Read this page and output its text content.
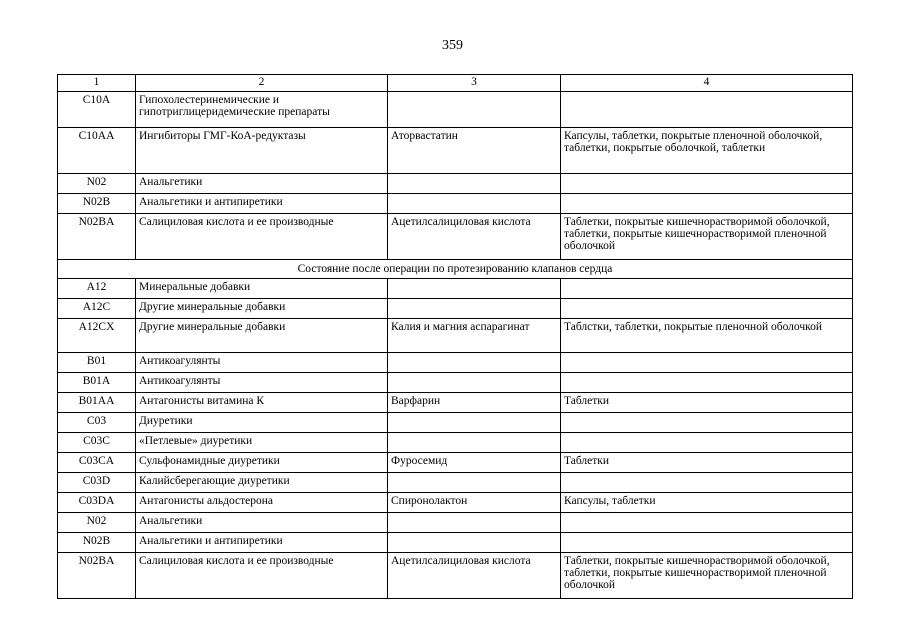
359
1	2	3	4
C10A	Гипохолестеринемические и гипотриглицеридемические препараты		
C10AA	Ингибиторы ГМГ-КоА-редуктазы	Аторвастатин	Капсулы, таблетки, покрытые пленочной оболочкой, таблетки, покрытые оболочкой, таблетки
N02	Анальгетики		
N02B	Анальгетики и антипиретики		
N02BA	Салициловая кислота и ее производные	Ацетилсалициловая кислота	Таблетки, покрытые кишечнорастворимой оболочкой, таблетки, покрытые кишечнорастворимой пленочной оболочкой
Состояние после операции по протезированию клапанов сердца			
A12	Минеральные добавки		
A12C	Другие минеральные добавки		
A12CX	Другие минеральные добавки	Калия и магния аспарагинат	Таблстки, таблетки, покрытые пленочной оболочкой
B01	Антикоагулянты		
B01A	Антикоагулянты		
B01AA	Антагонисты витамина К	Варфарин	Таблетки
C03	Диуретики		
C03C	«Петлевые» диуретики		
C03CA	Сульфонамидные диуретики	Фуросемид	Таблетки
C03D	Калийсберегающие диуретики		
C03DA	Антагонисты альдостерона	Спиронолактон	Капсулы, таблетки
N02	Анальгетики		
N02B	Анальгетики и антипиретики		
N02BA	Салициловая кислота и ее производные	Ацетилсалициловая кислота	Таблетки, покрытые кишечнорастворимой оболочкой, таблетки, покрытые кишечнорастворимой пленочной оболочкой
